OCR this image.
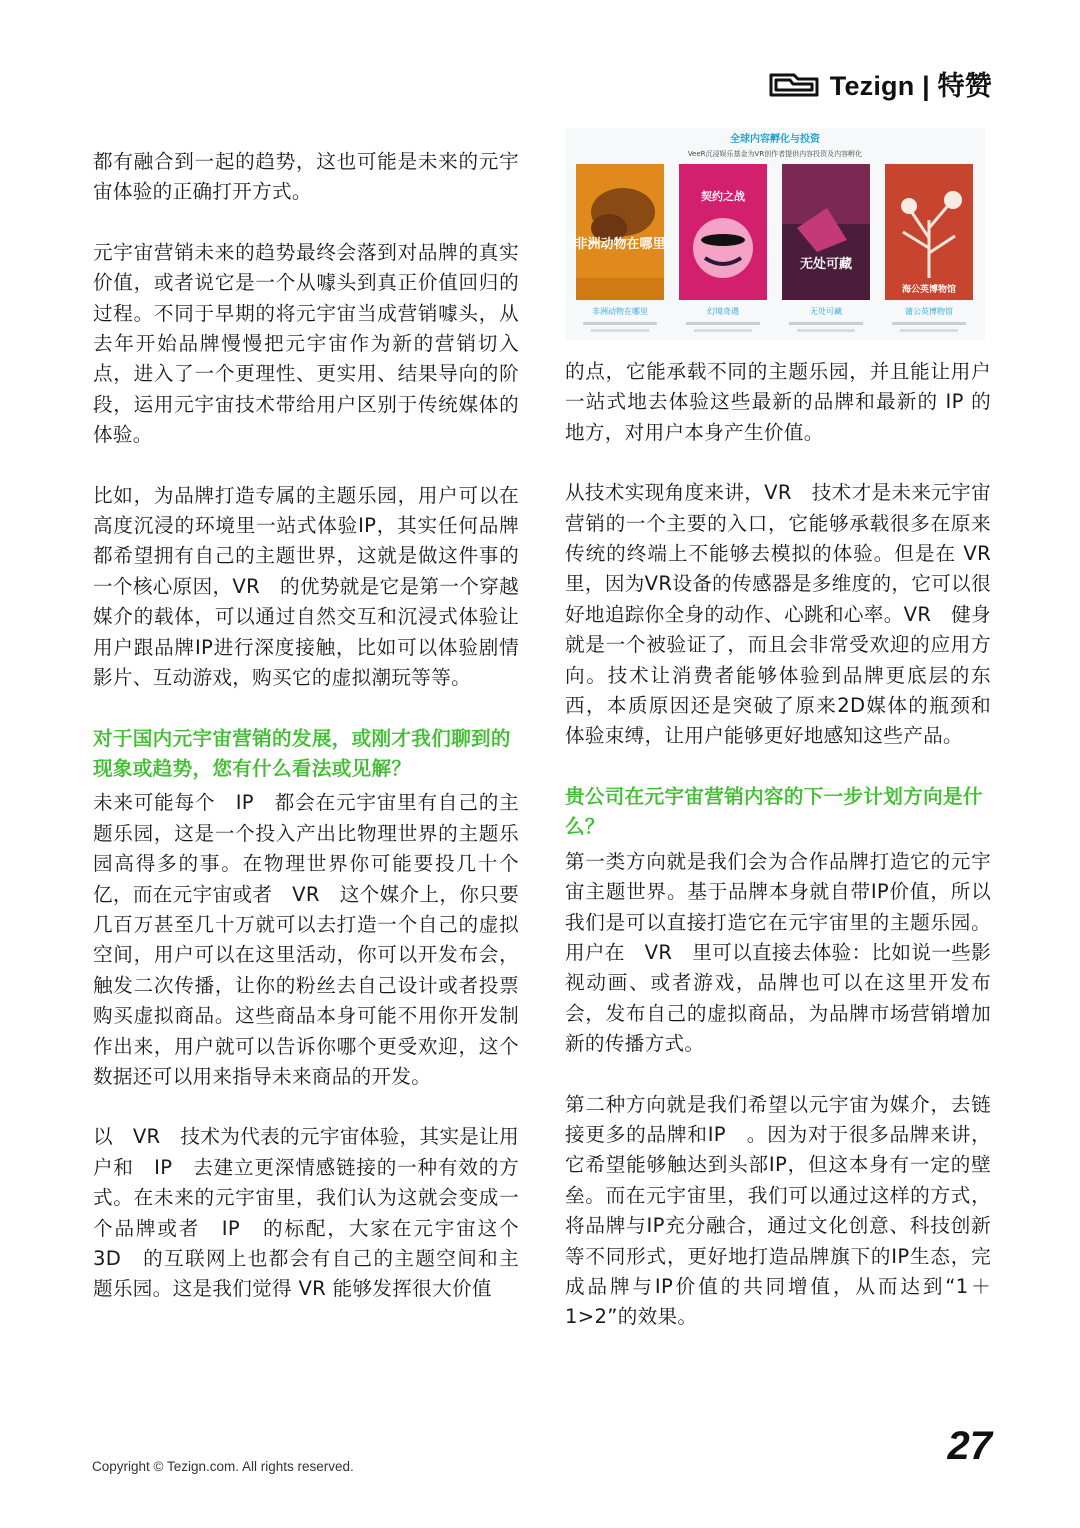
Tezign | 特赞

都有融合到一起的趋势，这也可能是未来的元宇宙体验的正确打开方式。

元宇宙营销未来的趋势最终会落到对品牌的真实价值，或者说它是一个从噱头到真正价值回归的过程。不同于早期的将元宇宙当成营销噱头，从去年开始品牌慢慢把元宇宙作为新的营销切入点，进入了一个更理性、更实用、结果导向的阶段，运用元宇宙技术带给用户区别于传统媒体的体验。

比如，为品牌打造专属的主题乐园，用户可以在高度沉浸的环境里一站式体验IP，其实任何品牌都希望拥有自己的主题世界，这就是做这件事的一个核心原因，VR　的优势就是它是第一个穿越媒介的载体，可以通过自然交互和沉浸式体验让用户跟品牌IP进行深度接触，比如可以体验剧情影片、互动游戏，购买它的虚拟潮玩等等。

对于国内元宇宙营销的发展，或刚才我们聊到的现象或趋势，您有什么看法或见解？

未来可能每个　IP　都会在元宇宙里有自己的主题乐园，这是一个投入产出比物理世界的主题乐园高得多的事。在物理世界你可能要投几十个亿，而在元宇宙或者　VR　这个媒介上，你只要几百万甚至几十万就可以去打造一个自己的虚拟空间，用户可以在这里活动，你可以开发布会，触发二次传播，让你的粉丝去自己设计或者投票购买虚拟商品。这些商品本身可能不用你开发制作出来，用户就可以告诉你哪个更受欢迎，这个数据还可以用来指导未来商品的开发。

以　VR　技术为代表的元宇宙体验，其实是让用户和　IP　去建立更深情感链接的一种有效的方式。在未来的元宇宙里，我们认为这就会变成一个品牌或者　IP　的标配，大家在元宇宙这个　3D　的互联网上也都会有自己的主题空间和主题乐园。这是我们觉得 VR 能够发挥很大价值

全球内容孵化与投资
VeeR沉浸娱乐基金为VR创作者提供内容投资及内容孵化
非洲动物在哪里
契约之战
无处可藏
海公英博物馆
非洲动物在哪里	幻境奇遇	无处可藏	蒲公英博物馆

的点，它能承载不同的主题乐园，并且能让用户一站式地去体验这些最新的品牌和最新的 IP 的地方，对用户本身产生价值。

从技术实现角度来讲，VR　技术才是未来元宇宙营销的一个主要的入口，它能够承载很多在原来传统的终端上不能够去模拟的体验。但是在 VR 里，因为VR设备的传感器是多维度的，它可以很好地追踪你全身的动作、心跳和心率。VR　健身就是一个被验证了，而且会非常受欢迎的应用方向。技术让消费者能够体验到品牌更底层的东西，本质原因还是突破了原来2D媒体的瓶颈和体验束缚，让用户能够更好地感知这些产品。

贵公司在元宇宙营销内容的下一步计划方向是什么？

第一类方向就是我们会为合作品牌打造它的元宇宙主题世界。基于品牌本身就自带IP价值，所以我们是可以直接打造它在元宇宙里的主题乐园。用户在　VR　里可以直接去体验：比如说一些影视动画、或者游戏，品牌也可以在这里开发布会，发布自己的虚拟商品，为品牌市场营销增加新的传播方式。

第二种方向就是我们希望以元宇宙为媒介，去链接更多的品牌和IP　。因为对于很多品牌来讲，它希望能够触达到头部IP，但这本身有一定的壁垒。而在元宇宙里，我们可以通过这样的方式，将品牌与IP充分融合，通过文化创意、科技创新等不同形式，更好地打造品牌旗下的IP生态，完成品牌与IP价值的共同增值，从而达到“1＋1>2”的效果。

Copyright © Tezign.com. All rights reserved.	27
